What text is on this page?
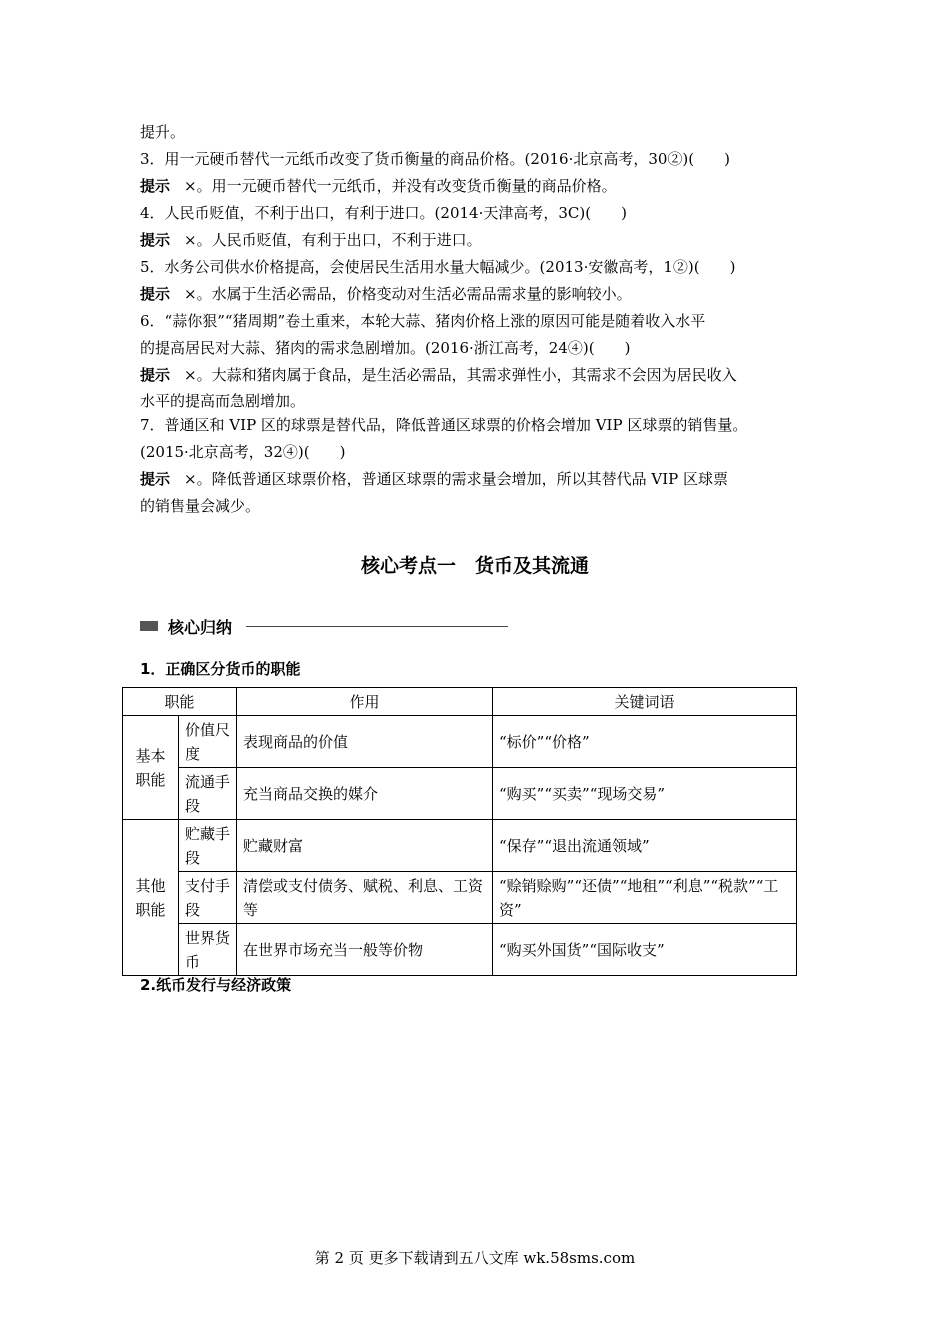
提升。
3．用一元硬币替代一元纸币改变了货币衡量的商品价格。(2016·北京高考，30②)(　　)
提示 ×。用一元硬币替代一元纸币，并没有改变货币衡量的商品价格。
4．人民币贬值，不利于出口，有利于进口。(2014·天津高考，3C)(　　)
提示 ×。人民币贬值，有利于出口，不利于进口。
5．水务公司供水价格提高，会使居民生活用水量大幅减少。(2013·安徽高考，1②)(　　)
提示 ×。水属于生活必需品，价格变动对生活必需品需求量的影响较小。
6．“蒜你狠”“猪周期”卷土重来，本轮大蒜、猪肉价格上涨的原因可能是随着收入水平
的提高居民对大蒜、猪肉的需求急剧增加。(2016·浙江高考，24④)(　　)
提示 ×。大蒜和猪肉属于食品，是生活必需品，其需求弹性小，其需求不会因为居民收入
水平的提高而急剧增加。
7．普通区和 VIP 区的球票是替代品，降低普通区球票的价格会增加 VIP 区球票的销售量。
(2015·北京高考，32④)(　　)
提示 ×。降低普通区球票价格，普通区球票的需求量会增加，所以其替代品 VIP 区球票
的销售量会减少。
核心考点一　货币及其流通
核心归纳
1．正确区分货币的职能
职能		作用	关键词语
基本职能	价值尺度	表现商品的价值	“标价”“价格”
	流通手段	充当商品交换的媒介	“购买”“买卖”“现场交易”
其他职能	贮藏手段	贮藏财富	“保存”“退出流通领域”
	支付手段	清偿或支付债务、赋税、利息、工资等	“赊销赊购”“还债”“地租”“利息”“税款”“工资”
	世界货币	在世界市场充当一般等价物	“购买外国货”“国际收支”
2.纸币发行与经济政策
第 2 页 更多下载请到五八文库 wk.58sms.com
